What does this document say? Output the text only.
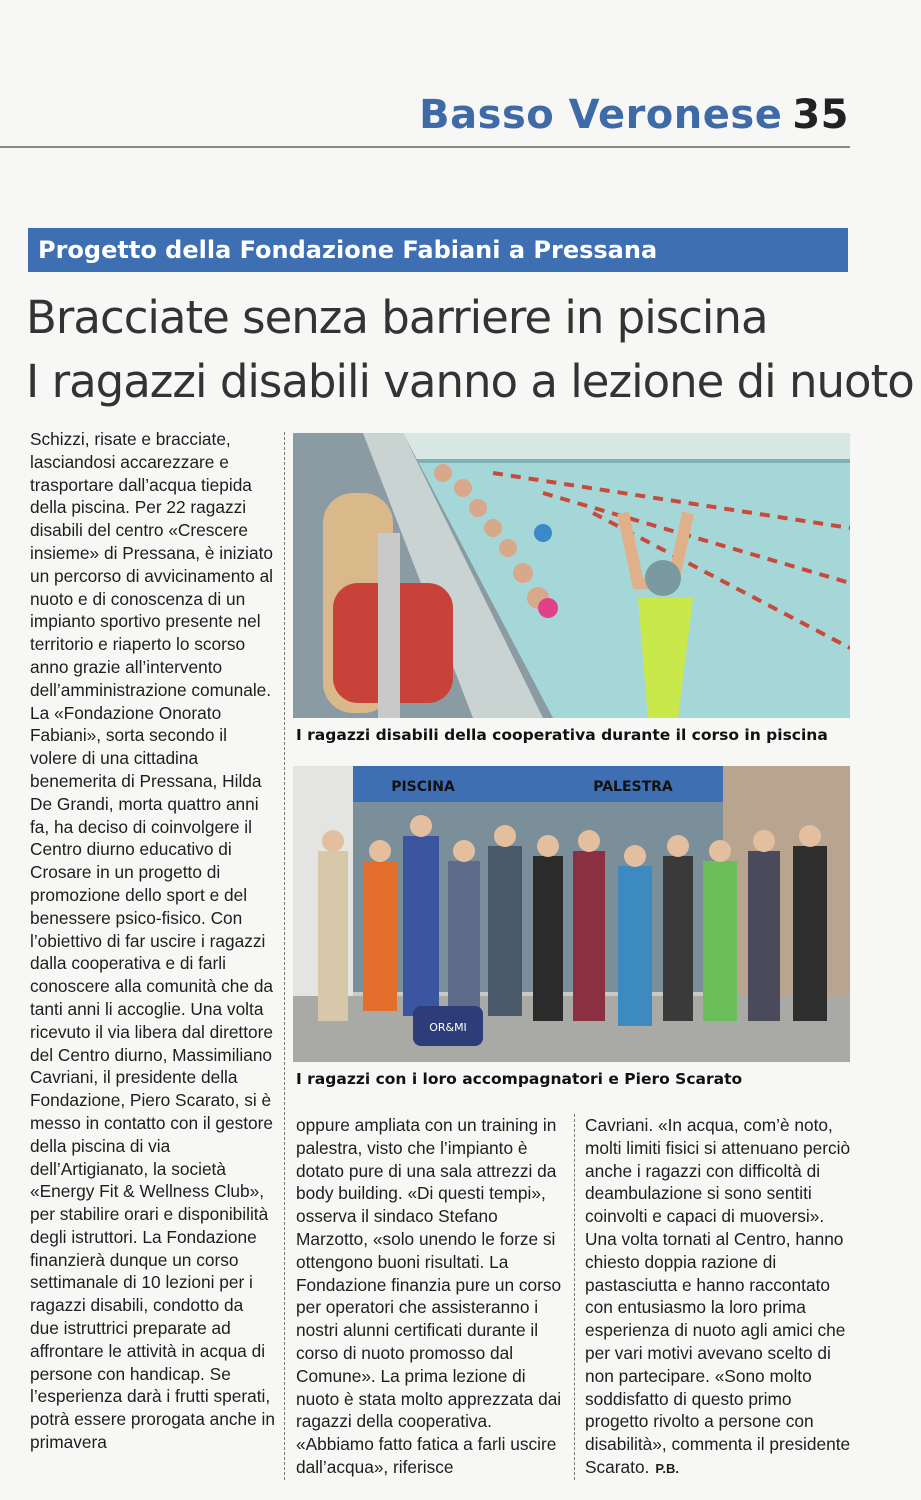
Basso Veronese 35
Progetto della Fondazione Fabiani a Pressana
Bracciate senza barriere in piscina
I ragazzi disabili vanno a lezione di nuoto

Schizzi, risate e bracciate, lasciandosi accarezzare e trasportare dall’acqua tiepida della piscina. Per 22 ragazzi disabili del centro «Crescere insieme» di Pressana, è iniziato un percorso di avvicinamento al nuoto e di conoscenza di un impianto sportivo presente nel territorio e riaperto lo scorso anno grazie all’intervento dell’amministrazione comunale. La «Fondazione Onorato Fabiani», sorta secondo il volere di una cittadina benemerita di Pressana, Hilda De Grandi, morta quattro anni fa, ha deciso di coinvolgere il Centro diurno educativo di Crosare in un progetto di promozione dello sport e del benessere psico-fisico. Con l’obiettivo di far uscire i ragazzi dalla cooperativa e di farli conoscere alla comunità che da tanti anni li accoglie. Una volta ricevuto il via libera dal direttore del Centro diurno, Massimiliano Cavriani, il presidente della Fondazione, Piero Scarato, si è messo in contatto con il gestore della piscina di via dell’Artigianato, la società «Energy Fit & Wellness Club», per stabilire orari e disponibilità degli istruttori. La Fondazione finanzierà dunque un corso settimanale di 10 lezioni per i ragazzi disabili, condotto da due istruttrici preparate ad affrontare le attività in acqua di persone con handicap. Se l’esperienza darà i frutti sperati, potrà essere prorogata anche in primavera

oppure ampliata con un training in palestra, visto che l’impianto è dotato pure di una sala attrezzi da body building. «Di questi tempi», osserva il sindaco Stefano Marzotto, «solo unendo le forze si ottengono buoni risultati. La Fondazione finanzia pure un corso per operatori che assisteranno i nostri alunni certificati durante il corso di nuoto promosso dal Comune». La prima lezione di nuoto è stata molto apprezzata dai ragazzi della cooperativa. «Abbiamo fatto fatica a farli uscire dall’acqua», riferisce

Cavriani. «In acqua, com’è noto, molti limiti fisici si attenuano perciò anche i ragazzi con difficoltà di deambulazione si sono sentiti coinvolti e capaci di muoversi». Una volta tornati al Centro, hanno chiesto doppia razione di pastasciutta e hanno raccontato con entusiasmo la loro prima esperienza di nuoto agli amici che per vari motivi avevano scelto di non partecipare. «Sono molto soddisfatto di questo primo progetto rivolto a persone con disabilità», commenta il presidente Scarato. P.B.

I ragazzi disabili della cooperativa durante il corso in piscina
PISCINA	PALESTRA
OR&MI
I ragazzi con i loro accompagnatori e Piero Scarato
